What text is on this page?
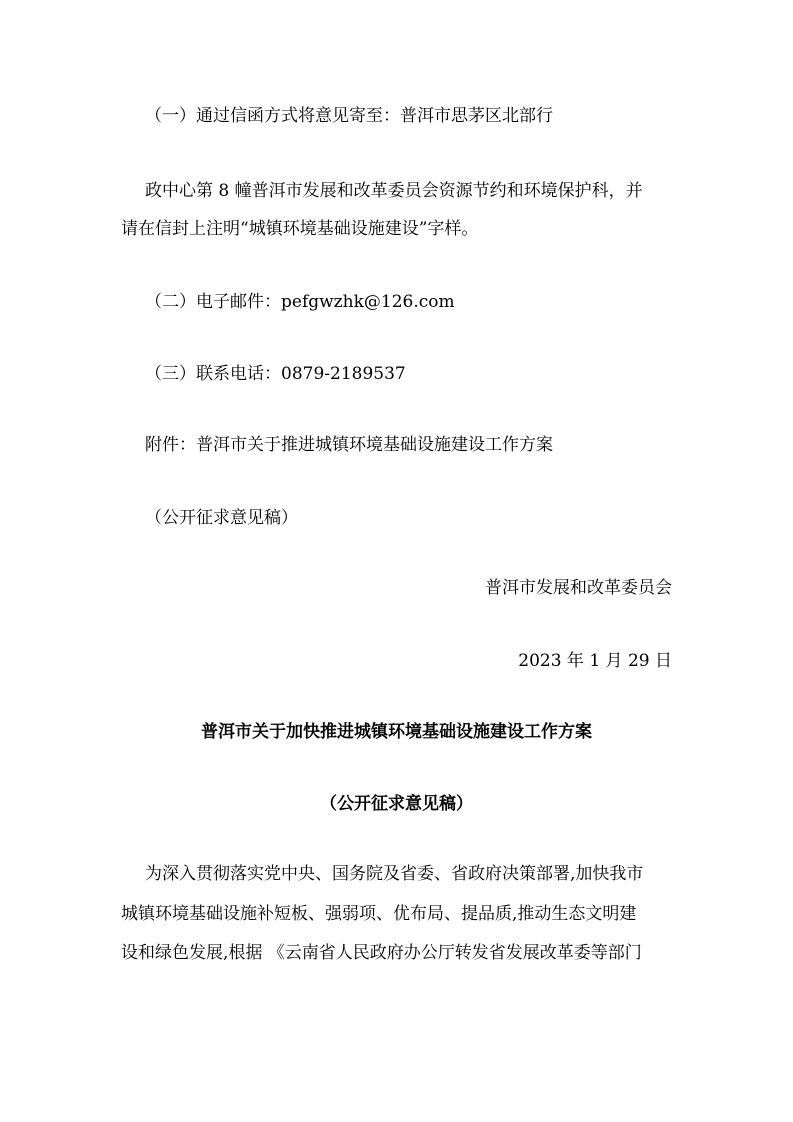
（一）通过信函方式将意见寄至：普洱市思茅区北部行
政中心第 8 幢普洱市发展和改革委员会资源节约和环境保护科，并
请在信封上注明“城镇环境基础设施建设”字样。
（二）电子邮件：pefgwzhk@126.com
（三）联系电话：0879-2189537
附件：普洱市关于推进城镇环境基础设施建设工作方案
（公开征求意见稿）
普洱市发展和改革委员会
2023 年 1 月 29 日
普洱市关于加快推进城镇环境基础设施建设工作方案
（公开征求意见稿）
为深入贯彻落实党中央、国务院及省委、省政府决策部署,加快我市
城镇环境基础设施补短板、强弱项、优布局、提品质,推动生态文明建
设和绿色发展,根据 《云南省人民政府办公厅转发省发展改革委等部门
